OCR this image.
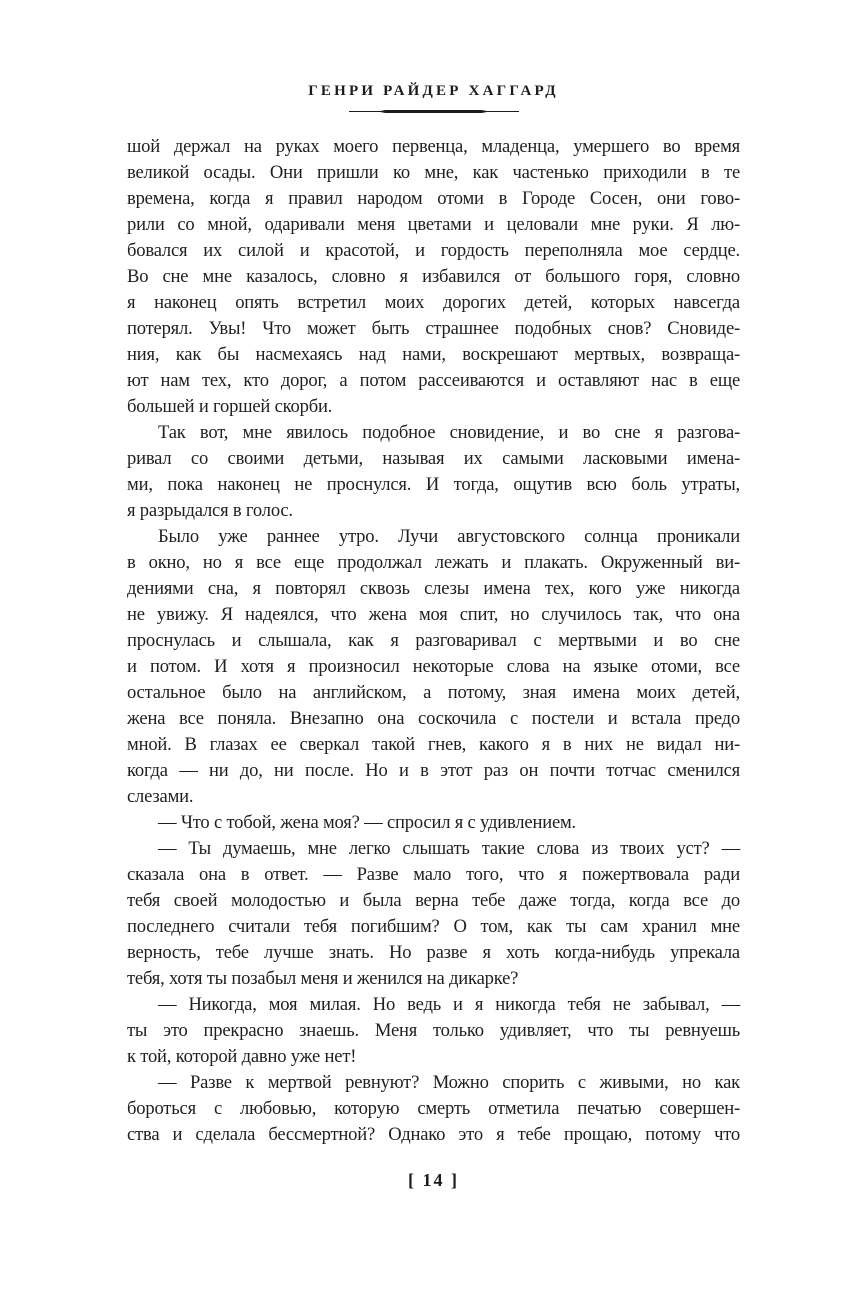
ГЕНРИ РАЙДЕР ХАГГАРД
шой держал на руках моего первенца, младенца, умершего во время
великой осады. Они пришли ко мне, как частенько приходили в те
времена, когда я правил народом отоми в Городе Сосен, они гово-
рили со мной, одаривали меня цветами и целовали мне руки. Я лю-
бовался их силой и красотой, и гордость переполняла мое сердце.
Во сне мне казалось, словно я избавился от большого горя, словно
я наконец опять встретил моих дорогих детей, которых навсегда
потерял. Увы! Что может быть страшнее подобных снов? Сновиде-
ния, как бы насмехаясь над нами, воскрешают мертвых, возвраща-
ют нам тех, кто дорог, а потом рассеиваются и оставляют нас в еще
большей и горшей скорби.
Так вот, мне явилось подобное сновидение, и во сне я разгова-
ривал со своими детьми, называя их самыми ласковыми имена-
ми, пока наконец не проснулся. И тогда, ощутив всю боль утраты,
я разрыдался в голос.
Было уже раннее утро. Лучи августовского солнца проникали
в окно, но я все еще продолжал лежать и плакать. Окруженный ви-
дениями сна, я повторял сквозь слезы имена тех, кого уже никогда
не увижу. Я надеялся, что жена моя спит, но случилось так, что она
проснулась и слышала, как я разговаривал с мертвыми и во сне
и потом. И хотя я произносил некоторые слова на языке отоми, все
остальное было на английском, а потому, зная имена моих детей,
жена все поняла. Внезапно она соскочила с постели и встала предо
мной. В глазах ее сверкал такой гнев, какого я в них не видал ни-
когда — ни до, ни после. Но и в этот раз он почти тотчас сменился
слезами.
— Что с тобой, жена моя? — спросил я с удивлением.
— Ты думаешь, мне легко слышать такие слова из твоих уст? —
сказала она в ответ. — Разве мало того, что я пожертвовала ради
тебя своей молодостью и была верна тебе даже тогда, когда все до
последнего считали тебя погибшим? О том, как ты сам хранил мне
верность, тебе лучше знать. Но разве я хоть когда-нибудь упрекала
тебя, хотя ты позабыл меня и женился на дикарке?
— Никогда, моя милая. Но ведь и я никогда тебя не забывал, —
ты это прекрасно знаешь. Меня только удивляет, что ты ревнуешь
к той, которой давно уже нет!
— Разве к мертвой ревнуют? Можно спорить с живыми, но как
бороться с любовью, которую смерть отметила печатью совершен-
ства и сделала бессмертной? Однако это я тебе прощаю, потому что
[ 14 ]
